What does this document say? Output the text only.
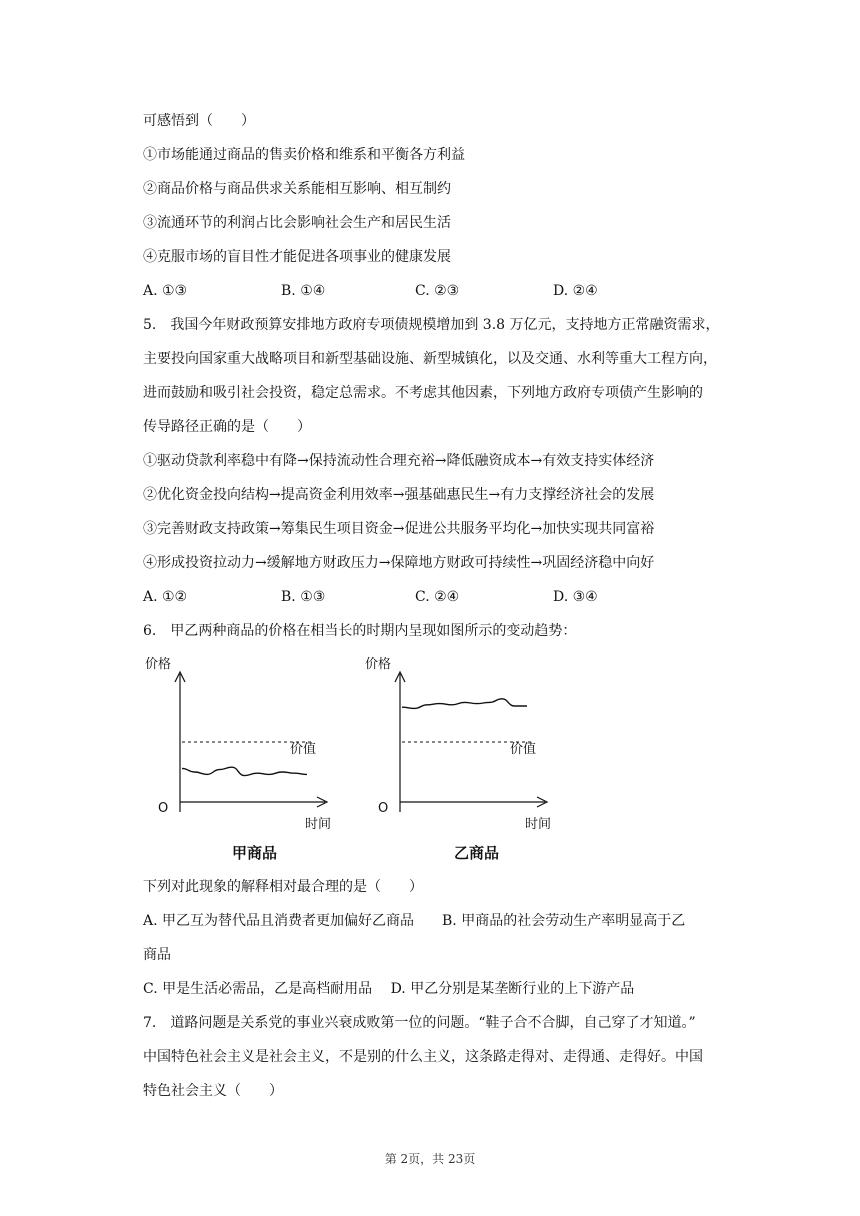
可感悟到（　　）
①市场能通过商品的售卖价格和维系和平衡各方利益
②商品价格与商品供求关系能相互影响、相互制约
③流通环节的利润占比会影响社会生产和居民生活
④克服市场的盲目性才能促进各项事业的健康发展
A. ①③	B. ①④	C. ②③	D. ②④
5.　我国今年财政预算安排地方政府专项债规模增加到 3.8 万亿元，支持地方正常融资需求，
主要投向国家重大战略项目和新型基础设施、新型城镇化，以及交通、水利等重大工程方向，
进而鼓励和吸引社会投资，稳定总需求。不考虑其他因素，下列地方政府专项债产生影响的
传导路径正确的是（　　）
①驱动贷款利率稳中有降→保持流动性合理充裕→降低融资成本→有效支持实体经济
②优化资金投向结构→提高资金利用效率→强基础惠民生→有力支撑经济社会的发展
③完善财政支持政策→筹集民生项目资金→促进公共服务平均化→加快实现共同富裕
④形成投资拉动力→缓解地方财政压力→保障地方财政可持续性→巩固经济稳中向好
A. ①②	B. ①③	C. ②④	D. ③④
6.　甲乙两种商品的价格在相当长的时期内呈现如图所示的变动趋势：
价格
O
时间
价值
甲商品
价格
O
时间
价值
乙商品
下列对此现象的解释相对最合理的是（　　）
A. 甲乙互为替代品且消费者更加偏好乙商品　　B. 甲商品的社会劳动生产率明显高于乙
商品
C. 甲是生活必需品，乙是高档耐用品　 D. 甲乙分别是某垄断行业的上下游产品
7.　道路问题是关系党的事业兴衰成败第一位的问题。“鞋子合不合脚，自己穿了才知道。”
中国特色社会主义是社会主义，不是别的什么主义，这条路走得对、走得通、走得好。中国
特色社会主义（　　）
第 2页，共 23页
